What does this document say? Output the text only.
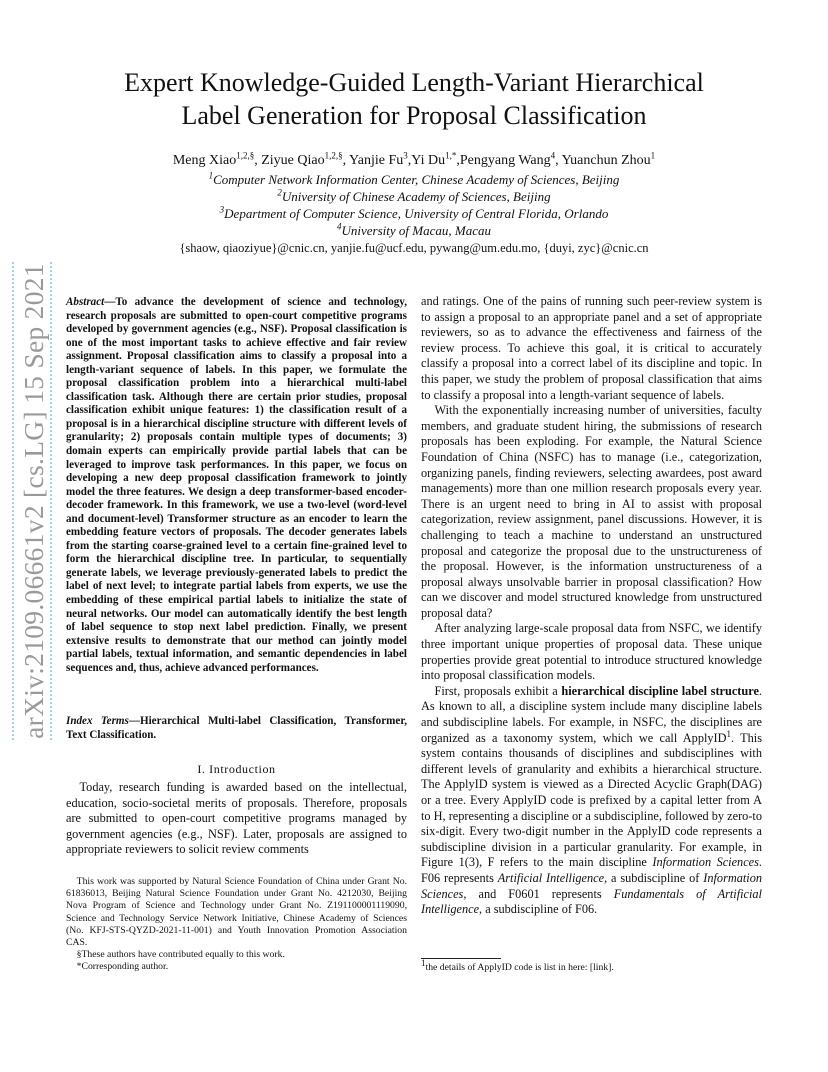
arXiv:2109.06661v2 [cs.LG] 15 Sep 2021
Expert Knowledge-Guided Length-Variant Hierarchical
Label Generation for Proposal Classification
Meng Xiao$^{1,2,\S}$, Ziyue Qiao$^{1,2,\S}$, Yanjie Fu$^3$,Yi $Du^{1,*},Pengyang$ Wang$^4$, Yuanchun Zhou$^1$
$^1$Computer Network Information Center, Chinese Academy of Sciences, Beijing
$^2$University of Chinese Academy of Sciences, Beijing
$^3$Department of Computer Science, University of Central Florida, Orlando
$^4$University of Macau, Macau
{shaow, qiaoziyue}@cnic.cn, yanjie.fu@ucf.edu, pywang@um.edu.mo, {duyi, zyc}@cnic.cn
Abstract—To advance the development of science and technology, research proposals are submitted to open-court competitive programs developed by government agencies (e.g., NSF). Proposal classification is one of the most important tasks to achieve effective and fair review assignment. Proposal classification aims to classify a proposal into a length-variant sequence of labels. In this paper, we formulate the proposal classification problem into a hierarchical multi-label classification task. Although there are certain prior studies, proposal classification exhibit unique features: 1) the classification result of a proposal is in a hierarchical discipline structure with different levels of granularity; 2) proposals contain multiple types of documents; 3) domain experts can empirically provide partial labels that can be leveraged to improve task performances. In this paper, we focus on developing a new deep proposal classification framework to jointly model the three features. We design a deep transformer-based encoder-decoder framework. In this framework, we use a two-level (word-level and document-level) Transformer structure as an encoder to learn the embedding feature vectors of proposals. The decoder generates labels from the starting coarse-grained level to a certain fine-grained level to form the hierarchical discipline tree. In particular, to sequentially generate labels, we leverage previously-generated labels to predict the label of next level; to integrate partial labels from experts, we use the embedding of these empirical partial labels to initialize the state of neural networks. Our model can automatically identify the best length of label sequence to stop next label prediction. Finally, we present extensive results to demonstrate that our method can jointly model partial labels, textual information, and semantic dependencies in label sequences and, thus, achieve advanced performances.
Index Terms—Hierarchical Multi-label Classification, Transformer, Text Classification.
I. Introduction
Today, research funding is awarded based on the intellectual, education, socio-societal merits of proposals. Therefore, proposals are submitted to open-court competitive programs managed by government agencies (e.g., NSF). Later, proposals are assigned to appropriate reviewers to solicit review comments

This work was supported by Natural Science Foundation of China under Grant No. 61836013, Beijing Natural Science Foundation under Grant No. 4212030, Beijing Nova Program of Science and Technology under Grant No. Z191100001119090, Science and Technology Service Network Initiative, Chinese Academy of Sciences (No. KFJ-STS-QYZD-2021-11-001) and Youth Innovation Promotion Association CAS.

§These authors have contributed equally to this work.

*Corresponding author.

and ratings. One of the pains of running such peer-review system is to assign a proposal to an appropriate panel and a set of appropriate reviewers, so as to advance the effectiveness and fairness of the review process. To achieve this goal, it is critical to accurately classify a proposal into a correct label of its discipline and topic. In this paper, we study the problem of proposal classification that aims to classify a proposal into a length-variant sequence of labels.

With the exponentially increasing number of universities, faculty members, and graduate student hiring, the submissions of research proposals has been exploding. For example, the Natural Science Foundation of China (NSFC) has to manage (i.e., categorization, organizing panels, finding reviewers, selecting awardees, post award managements) more than one million research proposals every year. There is an urgent need to bring in AI to assist with proposal categorization, review assignment, panel discussions. However, it is challenging to teach a machine to understand an unstructured proposal and categorize the proposal due to the unstructureness of the proposal. However, is the information unstructureness of a proposal always unsolvable barrier in proposal classification? How can we discover and model structured knowledge from unstructured proposal data?

After analyzing large-scale proposal data from NSFC, we identify three important unique properties of proposal data. These unique properties provide great potential to introduce structured knowledge into proposal classification models.

First, proposals exhibit a hierarchical discipline label structure. As known to all, a discipline system include many discipline labels and subdiscipline labels. For example, in NSFC, the disciplines are organized as a taxonomy system, which we call ApplyID$^1$. This system contains thousands of disciplines and subdisciplines with different levels of granularity and exhibits a hierarchical structure. The ApplyID system is viewed as a Directed Acyclic Graph(DAG) or a tree. Every ApplyID code is prefixed by a capital letter from A to H, representing a discipline or a subdiscipline, followed by zero-to six-digit. Every two-digit number in the ApplyID code represents a subdiscipline division in a particular granularity. For example, in Figure 1(3), F refers to the main discipline Information Sciences. F06 represents Artificial Intelligence, a subdiscipline of Information Sciences, and F0601 represents Fundamentals of Artificial Intelligence, a subdiscipline of F06.

$^1$the details of ApplyID code is list in here: [link].
